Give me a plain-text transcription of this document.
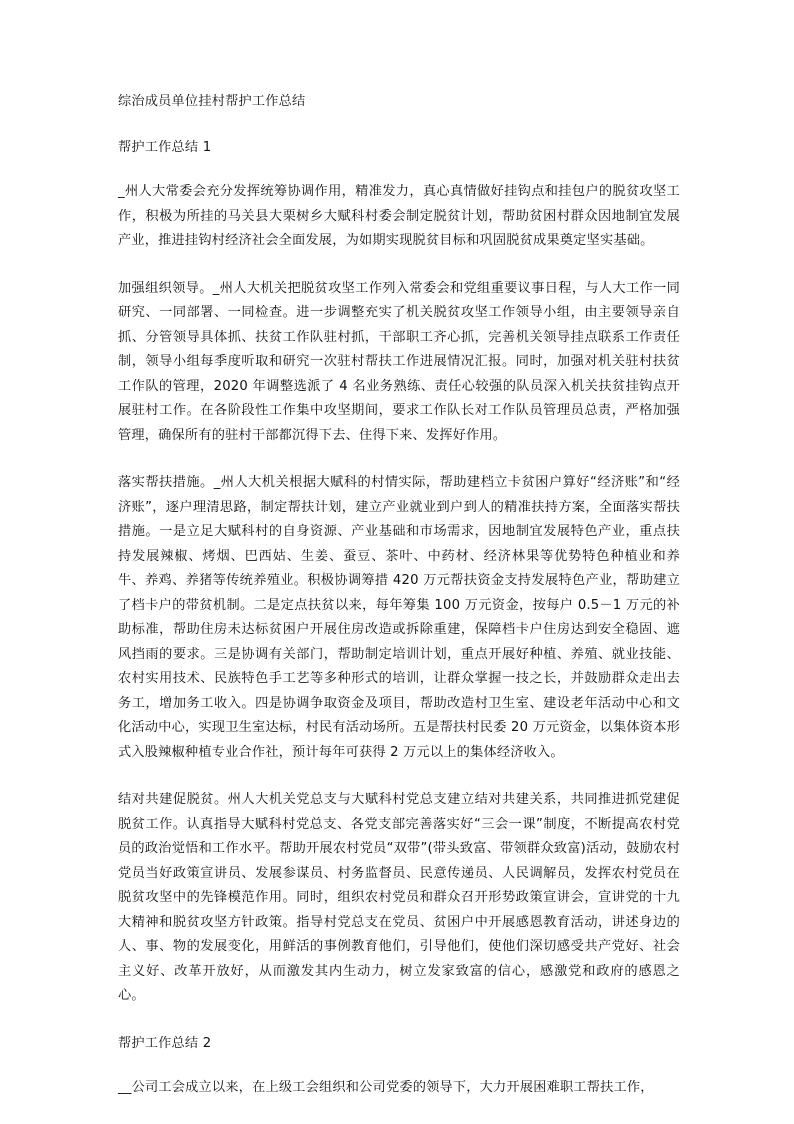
综治成员单位挂村帮护工作总结
帮护工作总结 1

_州人大常委会充分发挥统筹协调作用，精准发力，真心真情做好挂钩点和挂包户的脱贫攻坚工作，积极为所挂的马关县大栗树乡大赋科村委会制定脱贫计划，帮助贫困村群众因地制宜发展产业，推进挂钩村经济社会全面发展，为如期实现脱贫目标和巩固脱贫成果奠定坚实基础。

加强组织领导。_州人大机关把脱贫攻坚工作列入常委会和党组重要议事日程，与人大工作一同研究、一同部署、一同检查。进一步调整充实了机关脱贫攻坚工作领导小组，由主要领导亲自抓、分管领导具体抓、扶贫工作队驻村抓，干部职工齐心抓，完善机关领导挂点联系工作责任制，领导小组每季度听取和研究一次驻村帮扶工作进展情况汇报。同时，加强对机关驻村扶贫工作队的管理，2020 年调整选派了 4 名业务熟练、责任心较强的队员深入机关扶贫挂钩点开展驻村工作。在各阶段性工作集中攻坚期间，要求工作队长对工作队员管理员总责，严格加强管理，确保所有的驻村干部都沉得下去、住得下来、发挥好作用。

落实帮扶措施。_州人大机关根据大赋科的村情实际，帮助建档立卡贫困户算好“经济账”和“经济账”，逐户理清思路，制定帮扶计划，建立产业就业到户到人的精准扶持方案，全面落实帮扶措施。一是立足大赋科村的自身资源、产业基础和市场需求，因地制宜发展特色产业，重点扶持发展辣椒、烤烟、巴西姑、生姜、蚕豆、茶叶、中药材、经济林果等优势特色种植业和养牛、养鸡、养猪等传统养殖业。积极协调筹措 420 万元帮扶资金支持发展特色产业，帮助建立了档卡户的带贫机制。二是定点扶贫以来，每年筹集 100 万元资金，按每户 0.5－1 万元的补助标准，帮助住房未达标贫困户开展住房改造或拆除重建，保障档卡户住房达到安全稳固、遮风挡雨的要求。三是协调有关部门，帮助制定培训计划，重点开展好种植、养殖、就业技能、农村实用技术、民族特色手工艺等多种形式的培训，让群众掌握一技之长，并鼓励群众走出去务工，增加务工收入。四是协调争取资金及项目，帮助改造村卫生室、建设老年活动中心和文化活动中心，实现卫生室达标，村民有活动场所。五是帮扶村民委 20 万元资金，以集体资本形式入股辣椒种植专业合作社，预计每年可获得 2 万元以上的集体经济收入。

结对共建促脱贫。州人大机关党总支与大赋科村党总支建立结对共建关系，共同推进抓党建促脱贫工作。认真指导大赋科村党总支、各党支部完善落实好“三会一课”制度，不断提高农村党员的政治觉悟和工作水平。帮助开展农村党员“双带”(带头致富、带领群众致富)活动，鼓励农村党员当好政策宣讲员、发展参谋员、村务监督员、民意传递员、人民调解员，发挥农村党员在脱贫攻坚中的先锋模范作用。同时，组织农村党员和群众召开形势政策宣讲会，宣讲党的十九大精神和脱贫攻坚方针政策。指导村党总支在党员、贫困户中开展感恩教育活动，讲述身边的人、事、物的发展变化，用鲜活的事例教育他们，引导他们，使他们深切感受共产党好、社会主义好、改革开放好，从而激发其内生动力，树立发家致富的信心，感激党和政府的感恩之心。

帮护工作总结 2

__公司工会成立以来，在上级工会组织和公司党委的领导下，大力开展困难职工帮扶工作，
